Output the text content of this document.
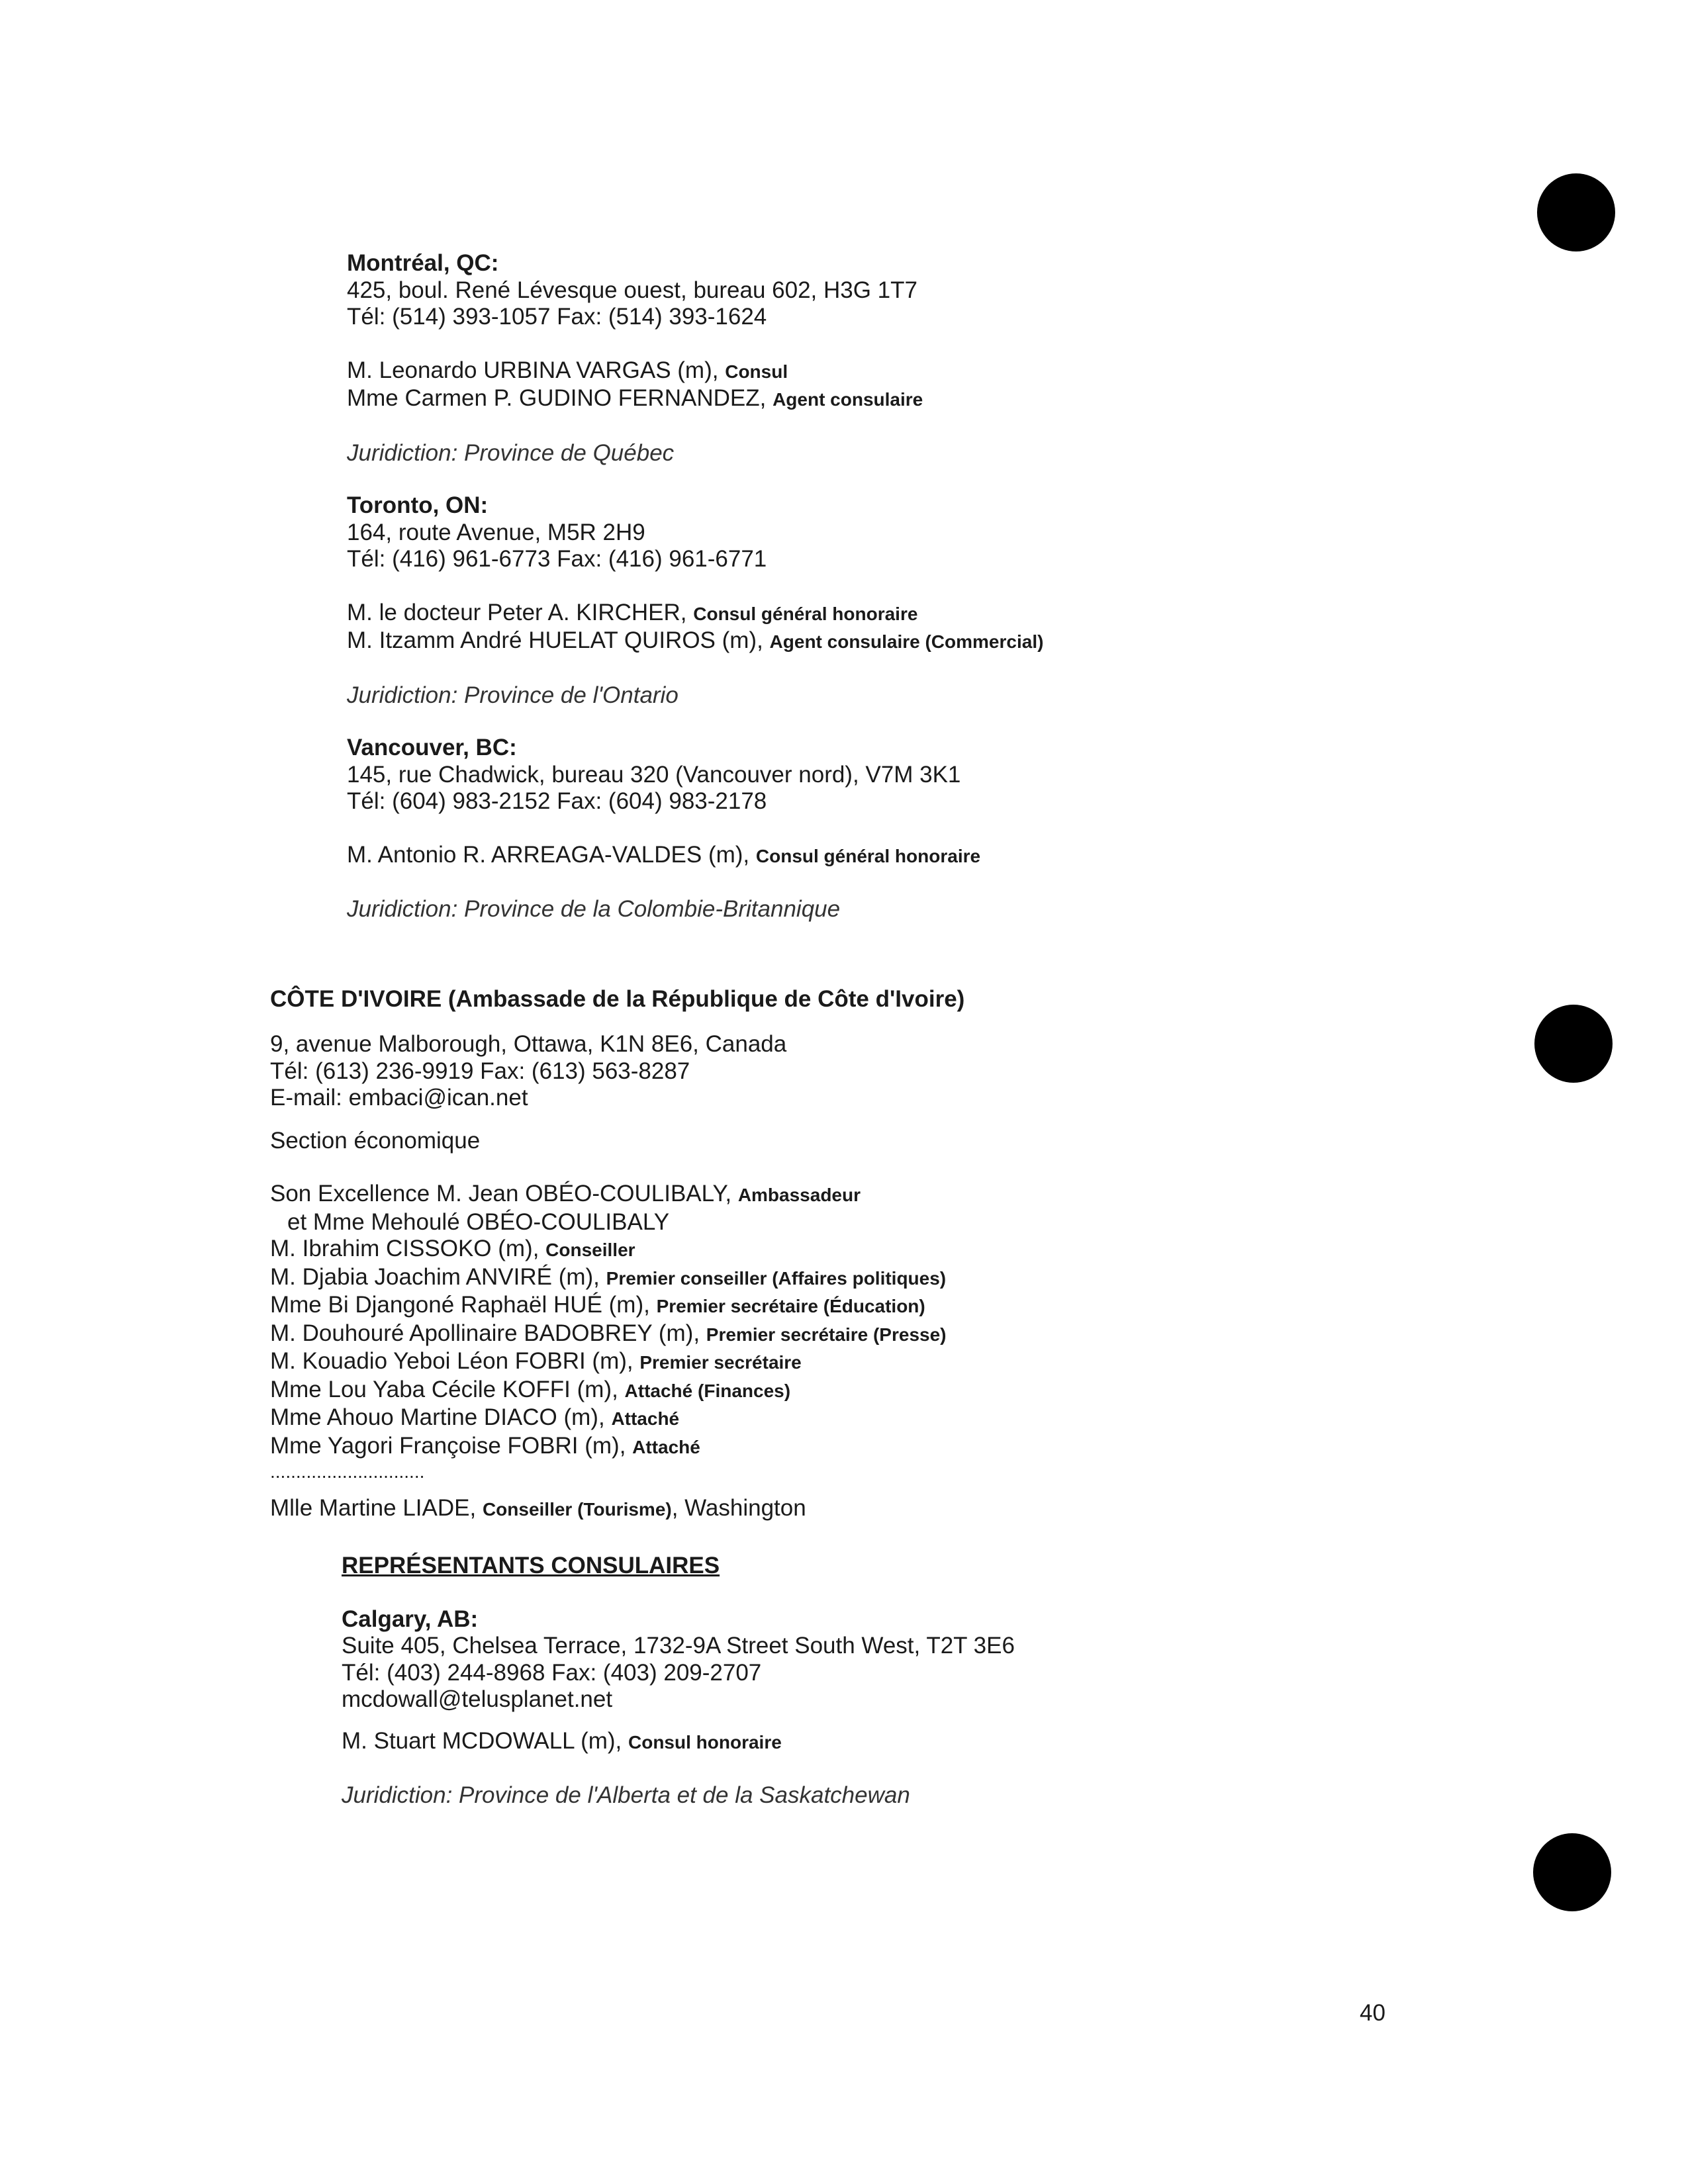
Montréal, QC:
425, boul. René Lévesque ouest, bureau 602, H3G 1T7
Tél: (514) 393-1057 Fax: (514) 393-1624
M. Leonardo URBINA VARGAS (m), Consul
Mme Carmen P. GUDINO FERNANDEZ, Agent consulaire
Juridiction: Province de Québec
Toronto, ON:
164, route Avenue, M5R 2H9
Tél: (416) 961-6773 Fax: (416) 961-6771
M. le docteur Peter A. KIRCHER, Consul général honoraire
M. Itzamm André HUELAT QUIROS (m), Agent consulaire (Commercial)
Juridiction: Province de l'Ontario
Vancouver, BC:
145, rue Chadwick, bureau 320 (Vancouver nord), V7M 3K1
Tél: (604) 983-2152 Fax: (604) 983-2178
M. Antonio R. ARREAGA-VALDES (m), Consul général honoraire
Juridiction: Province de la Colombie-Britannique
CÔTE D'IVOIRE (Ambassade de la République de Côte d'Ivoire)
9, avenue Malborough, Ottawa, K1N 8E6, Canada
Tél: (613) 236-9919 Fax: (613) 563-8287
E-mail: embaci@ican.net
Section économique
Son Excellence M. Jean OBÉO-COULIBALY, Ambassadeur
et Mme Mehoulé OBÉO-COULIBALY
M. Ibrahim CISSOKO (m), Conseiller
M. Djabia Joachim ANVIRÉ (m), Premier conseiller (Affaires politiques)
Mme Bi Djangoné Raphaël HUÉ (m), Premier secrétaire (Éducation)
M. Douhouré Apollinaire BADOBREY (m), Premier secrétaire (Presse)
M. Kouadio Yeboi Léon FOBRI (m), Premier secrétaire
Mme Lou Yaba Cécile KOFFI (m), Attaché (Finances)
Mme Ahouo Martine DIACO (m), Attaché
Mme Yagori Françoise FOBRI (m), Attaché
..............................
Mlle Martine LIADE, Conseiller (Tourisme), Washington
REPRÉSENTANTS CONSULAIRES
Calgary, AB:
Suite 405, Chelsea Terrace, 1732-9A Street South West, T2T 3E6
Tél: (403) 244-8968 Fax: (403) 209-2707
mcdowall@telusplanet.net
M. Stuart MCDOWALL (m), Consul honoraire
Juridiction: Province de l'Alberta et de la Saskatchewan
40
